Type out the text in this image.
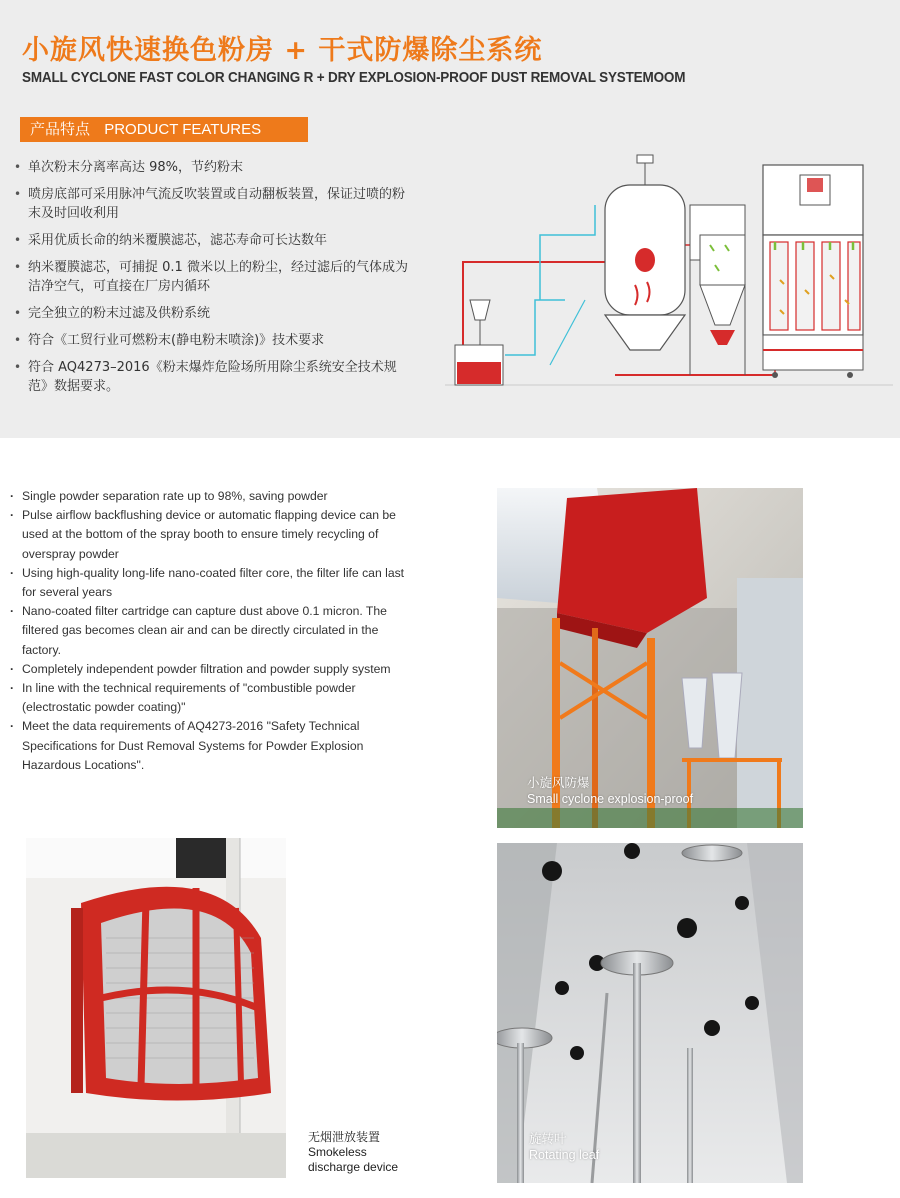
小旋风快速换色粉房 + 干式防爆除尘系统
SMALL CYCLONE FAST COLOR CHANGING R + DRY EXPLOSION-PROOF DUST REMOVAL SYSTEMOOM
产品特点 PRODUCT FEATURES
• 单次粉末分离率高达 98%，节约粉末
• 喷房底部可采用脉冲气流反吹装置或自动翻板装置，保证过喷的粉末及时回收利用
• 采用优质长命的纳米覆膜滤芯，滤芯寿命可长达数年
• 纳米覆膜滤芯，可捕捉 0.1 微米以上的粉尘，经过滤后的气体成为洁净空气，可直接在厂房内循环
• 完全独立的粉末过滤及供粉系统
• 符合《工贸行业可燃粉末(静电粉末喷涂)》技术要求
• 符合 AQ4273–2016《粉末爆炸危险场所用除尘系统安全技术规范》数据要求。
· Single powder separation rate up to 98%, saving powder
· Pulse airflow backflushing device or automatic flapping device can be used at the bottom of the spray booth to ensure timely recycling of overspray powder
· Using high-quality long-life nano-coated filter core, the filter life can last for several years
· Nano-coated filter cartridge can capture dust above 0.1 micron. The filtered gas becomes clean air and can be directly circulated in the factory.
· Completely independent powder filtration and powder supply system
· In line with the technical requirements of "combustible powder (electrostatic powder coating)"
· Meet the data requirements of AQ4273-2016 "Safety Technical Specifications for Dust Removal Systems for Powder Explosion Hazardous Locations".
小旋风防爆
Small cyclone explosion-proof
无烟泄放装置
Smokeless discharge device
旋转叶
Rotating leaf
